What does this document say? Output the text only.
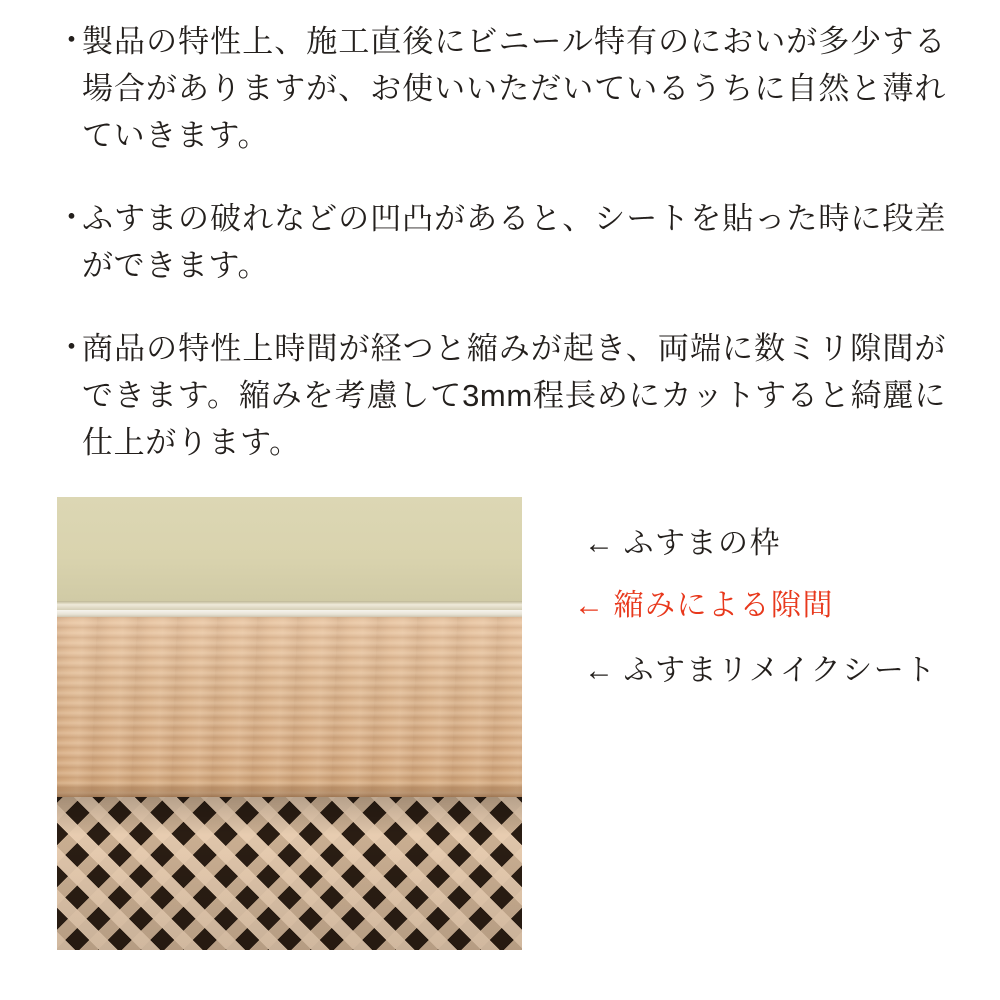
・
製品の特性上、施工直後にビニール特有のにおいが多少する場合がありますが、お使いいただいているうちに自然と薄れていきます。
・
ふすまの破れなどの凹凸があると、シートを貼った時に段差ができます。
・
商品の特性上時間が経つと縮みが起き、両端に数ミリ隙間ができます。縮みを考慮して3mm程長めにカットすると綺麗に仕上がります。
← ふすまの枠
← 縮みによる隙間
← ふすまリメイクシート
